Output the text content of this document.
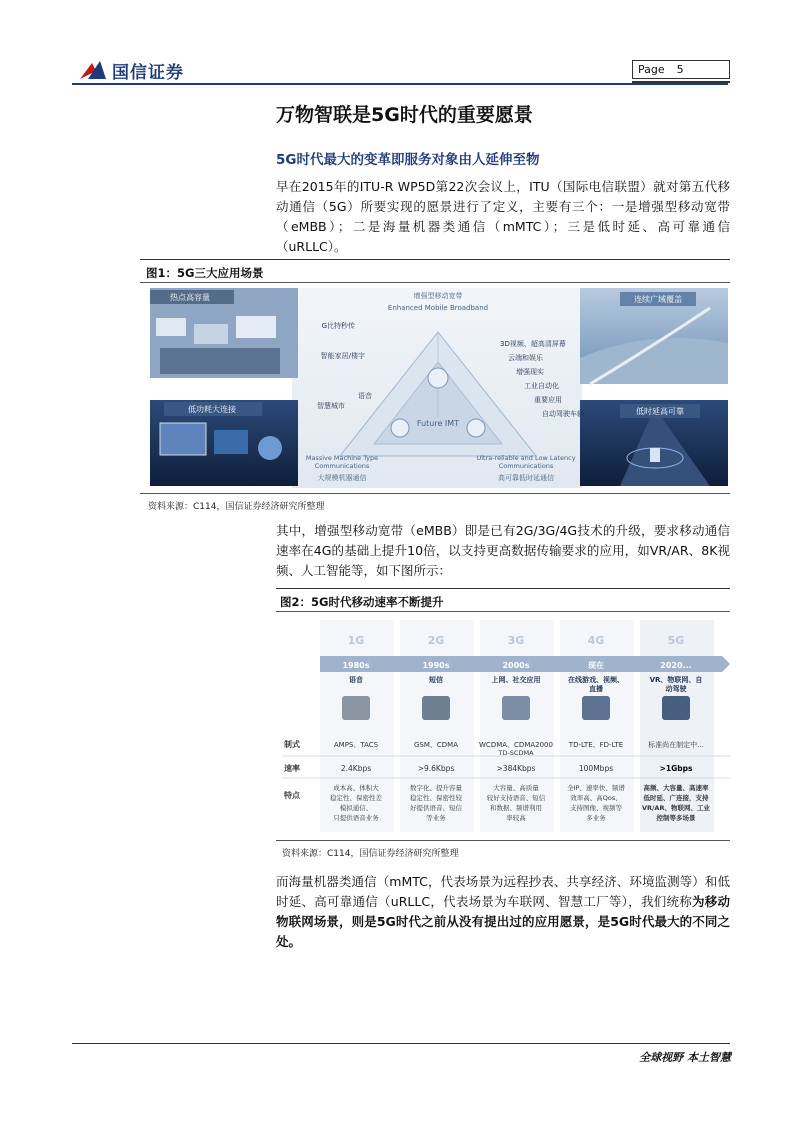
国信证券	Page 5
万物智联是5G时代的重要愿景
5G时代最大的变革即服务对象由人延伸至物
早在2015年的ITU-R WP5D第22次会议上，ITU（国际电信联盟）就对第五代移动通信（5G）所要实现的愿景进行了定义，主要有三个：一是增强型移动宽带（eMBB）；二是海量机器类通信（mMTC）；三是低时延、高可靠通信（uRLLC）。
图1：5G三大应用场景
热点高容量
低功耗大连接
连续广域覆盖
低时延高可靠
增强型移动宽带
Enhanced Mobile Broadband
Future IMT
G比特秒传
智能家居/楼宇
语音
智慧城市
3D视频、超高清屏幕
云端和娱乐
增强现实
工业自动化
重要应用
自动驾驶车辆
Massive Machine Type
Communications
大规模机器通信
Ultra-reliable and Low Latency
Communications
高可靠低时延通信
资料来源：C114，国信证券经济研究所整理
其中，增强型移动宽带（eMBB）即是已有2G/3G/4G技术的升级，要求移动通信速率在4G的基础上提升10倍，以支持更高数据传输要求的应用，如VR/AR、8K视频、人工智能等，如下图所示：
图2：5G时代移动速率不断提升
1G
1980s
语音
AMPS、TACS
2.4Kbps
成本高、体积大
稳定性、保密性差
模拟通信、
只提供语音业务
2G
1990s
短信
GSM、CDMA
>9.6Kbps
数字化、提升容量
稳定性、保密性较
好提供语音、短信
等业务
3G
2000s
上网、社交应用
WCDMA、CDMA2000
TD-SCDMA
>384Kbps
大容量、高质量
较好支持语音、短信
和数据、频谱利用
率较高
4G
现在
在线游戏、视频、
直播
TD-LTE、FD-LTE
100Mbps
全IP、速率快、频谱
效率高、高Qos、
支持图像、视频等
多业务
5G
2020...
VR、物联网、自
动驾驶
标准尚在制定中...
>1Gbps
高频、大容量、高速率
低时延、广连接，支持
VR/AR、物联网、工业
控制等多场景
制式
速率
特点
资料来源：C114，国信证券经济研究所整理
而海量机器类通信（mMTC，代表场景为远程抄表、共享经济、环境监测等）和低时延、高可靠通信（uRLLC，代表场景为车联网、智慧工厂等），我们统称为移动物联网场景，则是5G时代之前从没有提出过的应用愿景，是5G时代最大的不同之处。
全球视野 本土智慧
